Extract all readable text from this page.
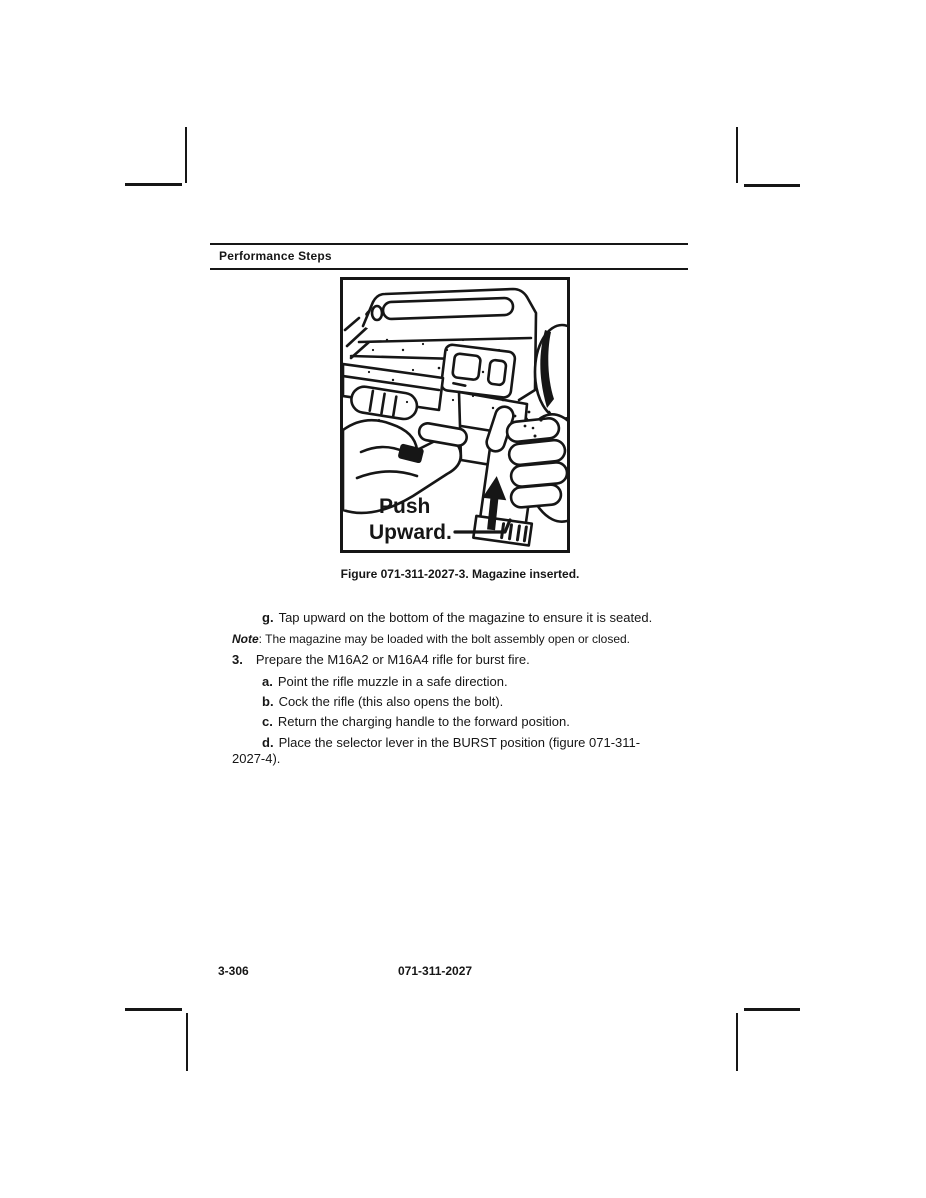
Performance Steps
Push
Upward.
Figure 071-311-2027-3. Magazine inserted.
g. Tap upward on the bottom of the magazine to ensure it is seated.
Note: The magazine may be loaded with the bolt assembly open or closed.
3. Prepare the M16A2 or M16A4 rifle for burst fire.
a. Point the rifle muzzle in a safe direction.
b. Cock the rifle (this also opens the bolt).
c. Return the charging handle to the forward position.
d. Place the selector lever in the BURST position (figure 071-311-
2027-4).
3-306	071-311-2027
